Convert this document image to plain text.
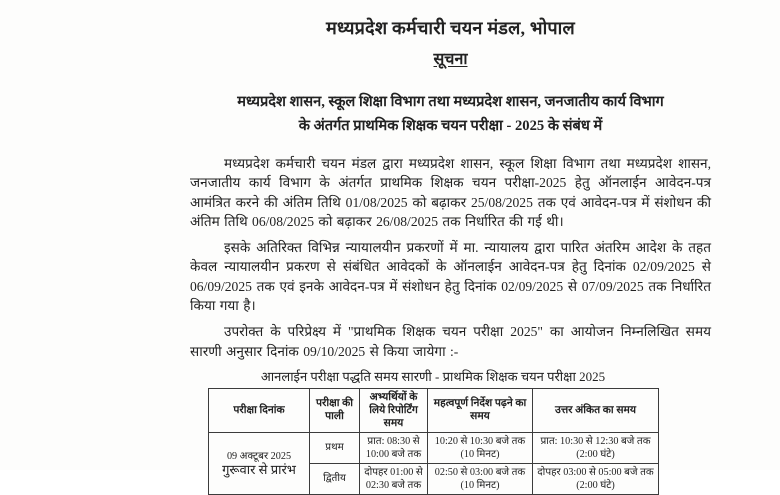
मध्यप्रदेश कर्मचारी चयन मंडल, भोपाल
सूचना
मध्यप्रदेश शासन, स्कूल शिक्षा विभाग तथा मध्यप्रदेश शासन, जनजातीय कार्य विभाग
के अंतर्गत प्राथमिक शिक्षक चयन परीक्षा - 2025 के संबंध में

मध्यप्रदेश कर्मचारी चयन मंडल द्वारा मध्यप्रदेश शासन, स्कूल शिक्षा विभाग तथा मध्यप्रदेश शासन, जनजातीय कार्य विभाग के अंतर्गत प्राथमिक शिक्षक चयन परीक्षा-2025 हेतु ऑनलाईन आवेदन-पत्र आमंत्रित करने की अंतिम तिथि 01/08/2025 को बढ़ाकर 25/08/2025 तक एवं आवेदन-पत्र में संशोधन की अंतिम तिथि 06/08/2025 को बढ़ाकर 26/08/2025 तक निर्धारित की गई थी।

इसके अतिरिक्त विभिन्न न्यायालयीन प्रकरणों में मा. न्यायालय द्वारा पारित अंतरिम आदेश के तहत केवल न्यायालयीन प्रकरण से संबंधित आवेदकों के ऑनलाईन आवेदन-पत्र हेतु दिनांक 02/09/2025 से 06/09/2025 तक एवं इनके आवेदन-पत्र में संशोधन हेतु दिनांक 02/09/2025 से 07/09/2025 तक निर्धारित किया गया है।

उपरोक्त के परिप्रेक्ष्य में "प्राथमिक शिक्षक चयन परीक्षा 2025" का आयोजन निम्नलिखित समय सारणी अनुसार दिनांक 09/10/2025 से किया जायेगा :-

आनलाईन परीक्षा पद्धति समय सारणी - प्राथमिक शिक्षक चयन परीक्षा 2025
परीक्षा दिनांक	परीक्षा की पाली	अभ्यर्थियों के लिये रिपोर्टिंग समय	महत्वपूर्ण निर्देश पढ़ने का समय	उत्तर अंकित का समय

09 अक्टूबर 2025
गुरूवार से प्रारंभ	प्रथम	प्रात: 08:30 से 10:00 बजे तक	10:20 से 10:30 बजे तक (10 मिनट)	प्रात: 10:30 से 12:30 बजे तक (2:00 घंटे)
	द्वितीय	दोपहर 01:00 से 02:30 बजे तक	02:50 से 03:00 बजे तक (10 मिनट)	दोपहर 03:00 से 05:00 बजे तक (2:00 घंटे)
